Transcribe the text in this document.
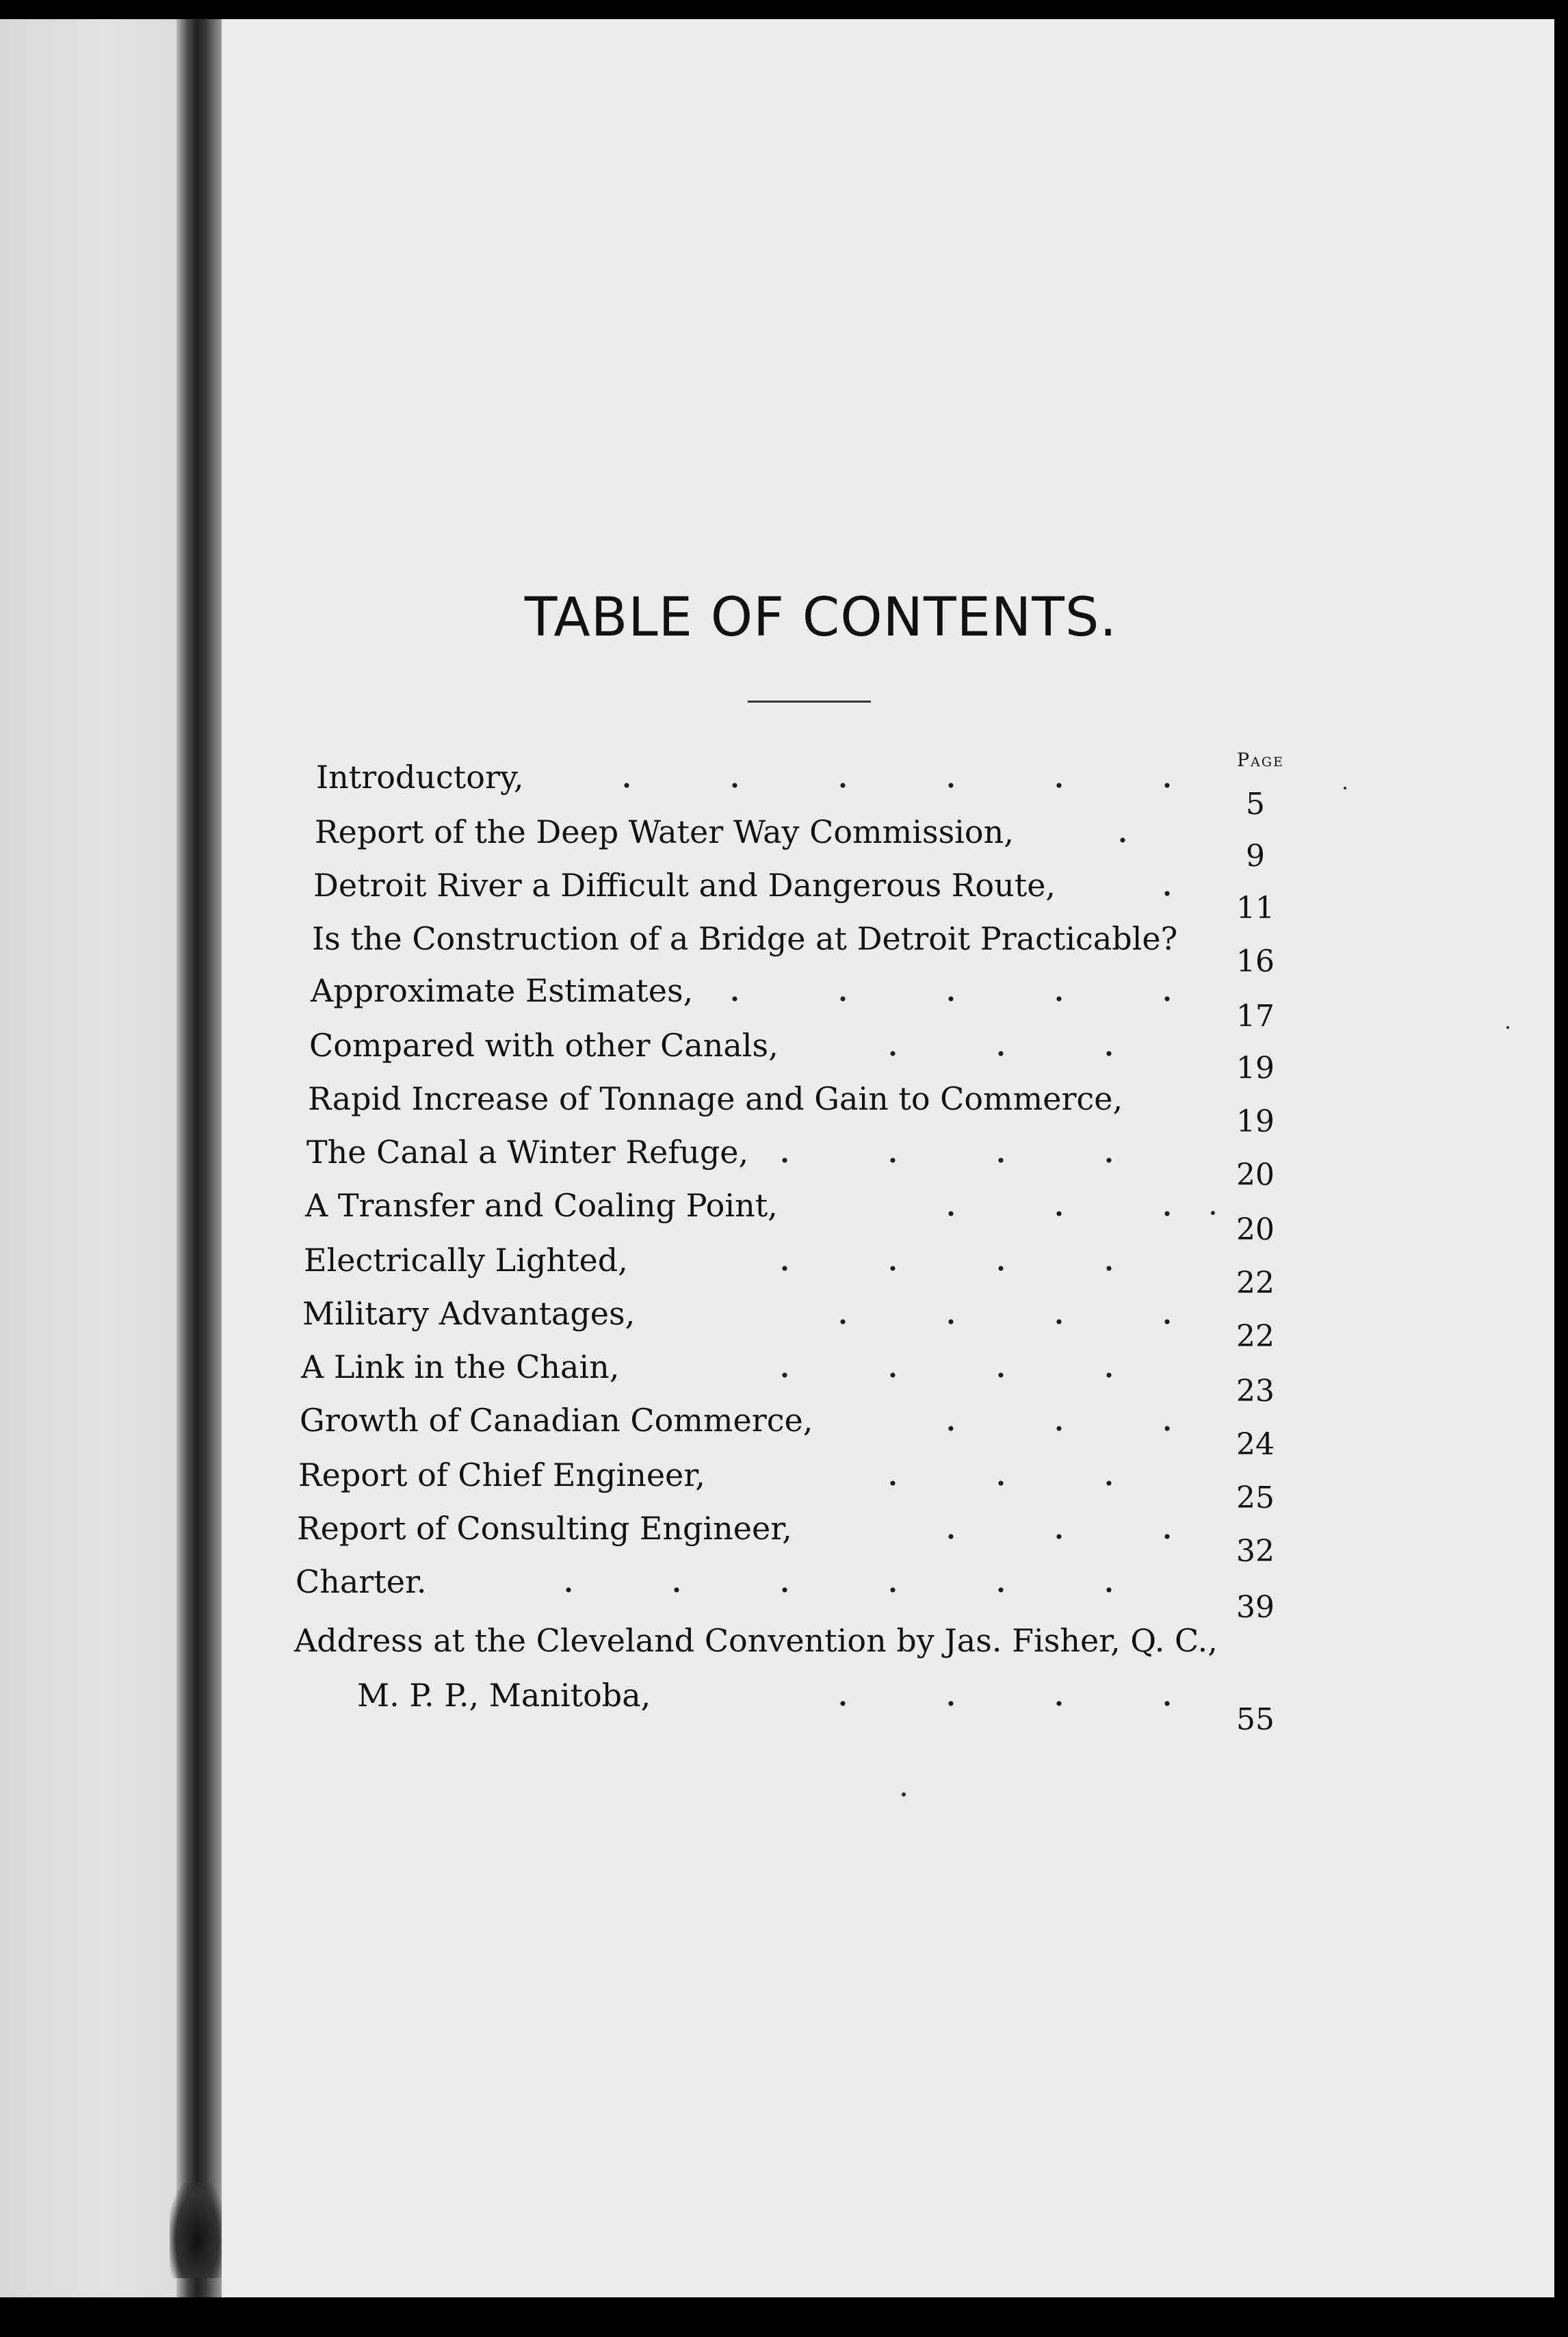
TABLE OF CONTENTS.
Page
Introductory,
5
Report of the Deep Water Way Commission,
9
Detroit River a Difficult and Dangerous Route,
11
Is the Construction of a Bridge at Detroit Practicable?
16
Approximate Estimates,
17
Compared with other Canals,
19
Rapid Increase of Tonnage and Gain to Commerce,
19
The Canal a Winter Refuge,
20
A Transfer and Coaling Point,
20
Electrically Lighted,
22
Military Advantages,
22
A Link in the Chain,
23
Growth of Canadian Commerce,
24
Report of Chief Engineer,
25
Report of Consulting Engineer,
32
Charter.
39
Address at the Cleveland Convention by Jas. Fisher, Q. C.,
M. P. P., Manitoba,
55
